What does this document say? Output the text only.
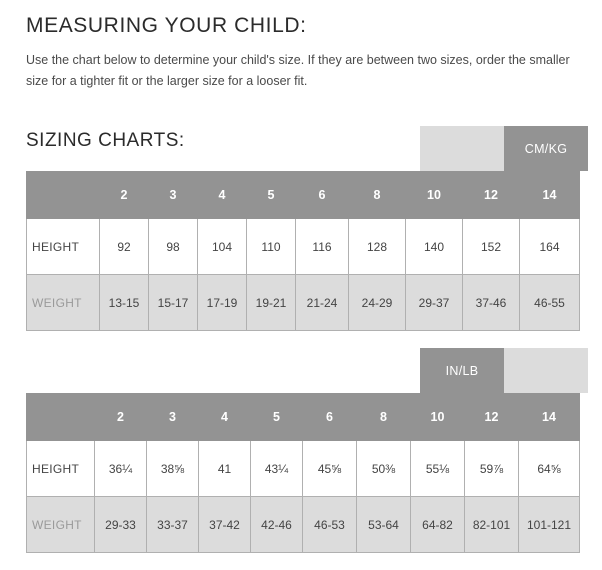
MEASURING YOUR CHILD:

Use the chart below to determine your child's size. If they are between two sizes, order the smaller size for a tighter fit or the larger size for a looser fit.

SIZING CHARTS:	CM/KG
	2	3	4	5	6	8	10	12	14
HEIGHT	92	98	104	110	116	128	140	152	164
WEIGHT	13-15	15-17	17-19	19-21	21-24	24-29	29-37	37-46	46-55
IN/LB
	2	3	4	5	6	8	10	12	14
HEIGHT	36¼	38⅝	41	43¼	45⅝	50⅜	55⅛	59⅞	64⅝
WEIGHT	29-33	33-37	37-42	42-46	46-53	53-64	64-82	82-101	101-121
